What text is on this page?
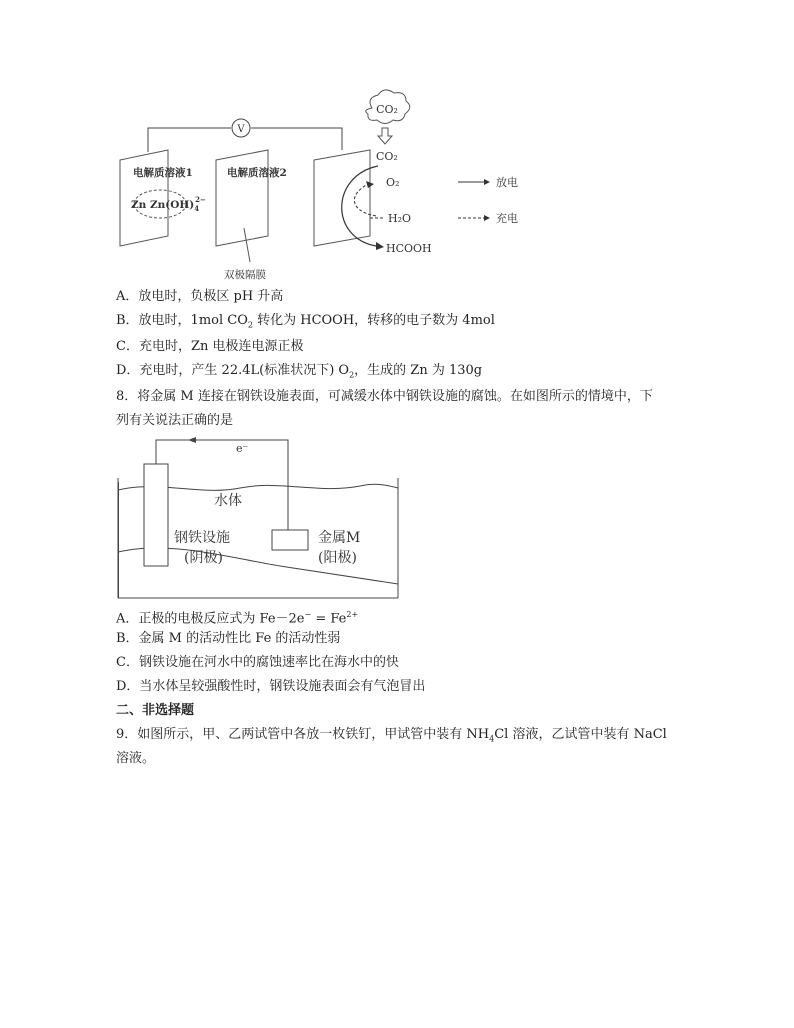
V
CO₂
CO₂
电解质溶液1
Zn $Zn(OH)_42-$
电解质溶液2
双极隔膜
O₂
H₂O
HCOOH
放电
充电
e⁻
水体
钢铁设施
(阴极)
金属M
(阳极)
A．放电时，负极区 pH 升高
B．放电时，1mol $CO_2$ 转化为 HCOOH，转移的电子数为 4mol
C．充电时，Zn 电极连电源正极
D．充电时，产生 22.4L(标准状况下) $O_2$，生成的 Zn 为 130g
8．将金属 M 连接在钢铁设施表面，可减缓水体中钢铁设施的腐蚀。在如图所示的情境中，下
列有关说法正确的是
A．正极的电极反应式为 $Fe-2e^- = Fe^{2+}$
B．金属 M 的活动性比 Fe 的活动性弱
C．钢铁设施在河水中的腐蚀速率比在海水中的快
D．当水体呈较强酸性时，钢铁设施表面会有气泡冒出
二、非选择题
9．如图所示，甲、乙两试管中各放一枚铁钉，甲试管中装有 $NH_4Cl$ 溶液，乙试管中装有 NaCl
溶液。
